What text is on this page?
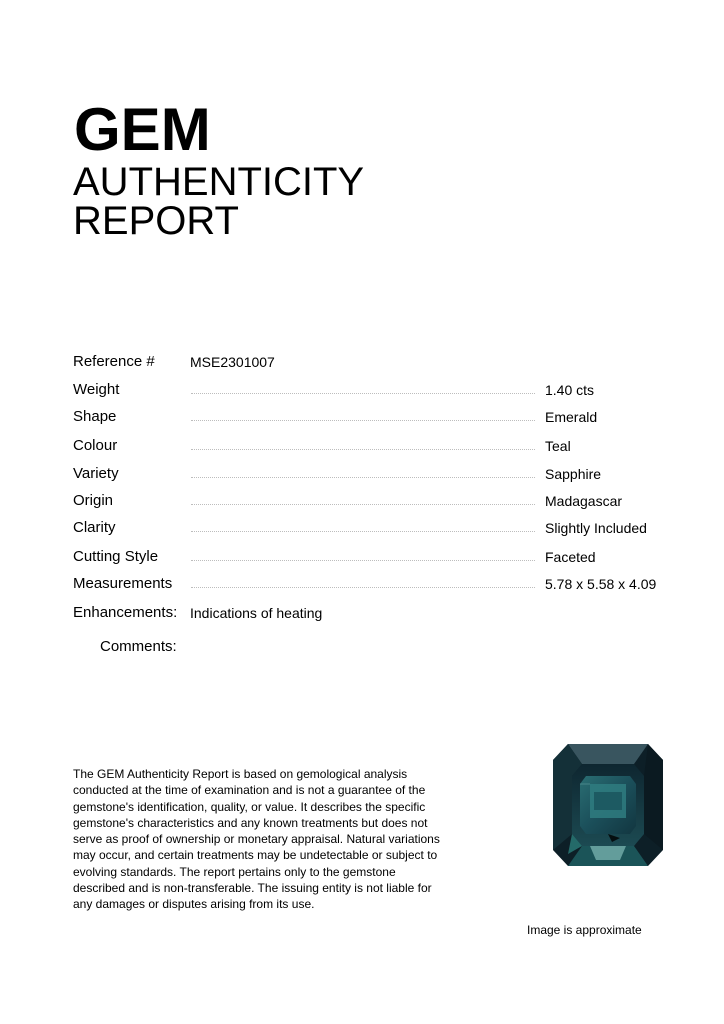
GEM
AUTHENTICITY
REPORT
Reference #	MSE2301007
Weight	1.40 cts
Shape	Emerald
Colour	Teal
Variety	Sapphire
Origin	Madagascar
Clarity	Slightly Included
Cutting Style	Faceted
Measurements	5.78 x 5.58 x 4.09
Enhancements: Indications of heating
Comments:
The GEM Authenticity Report is based on gemological analysis conducted at the time of examination and is not a guarantee of the gemstone's identification, quality, or value. It describes the specific gemstone's characteristics and any known treatments but does not serve as proof of ownership or monetary appraisal. Natural variations may occur, and certain treatments may be undetectable or subject to evolving standards. The report pertains only to the gemstone described and is non-transferable. The issuing entity is not liable for any damages or disputes arising from its use.
Image is approximate
